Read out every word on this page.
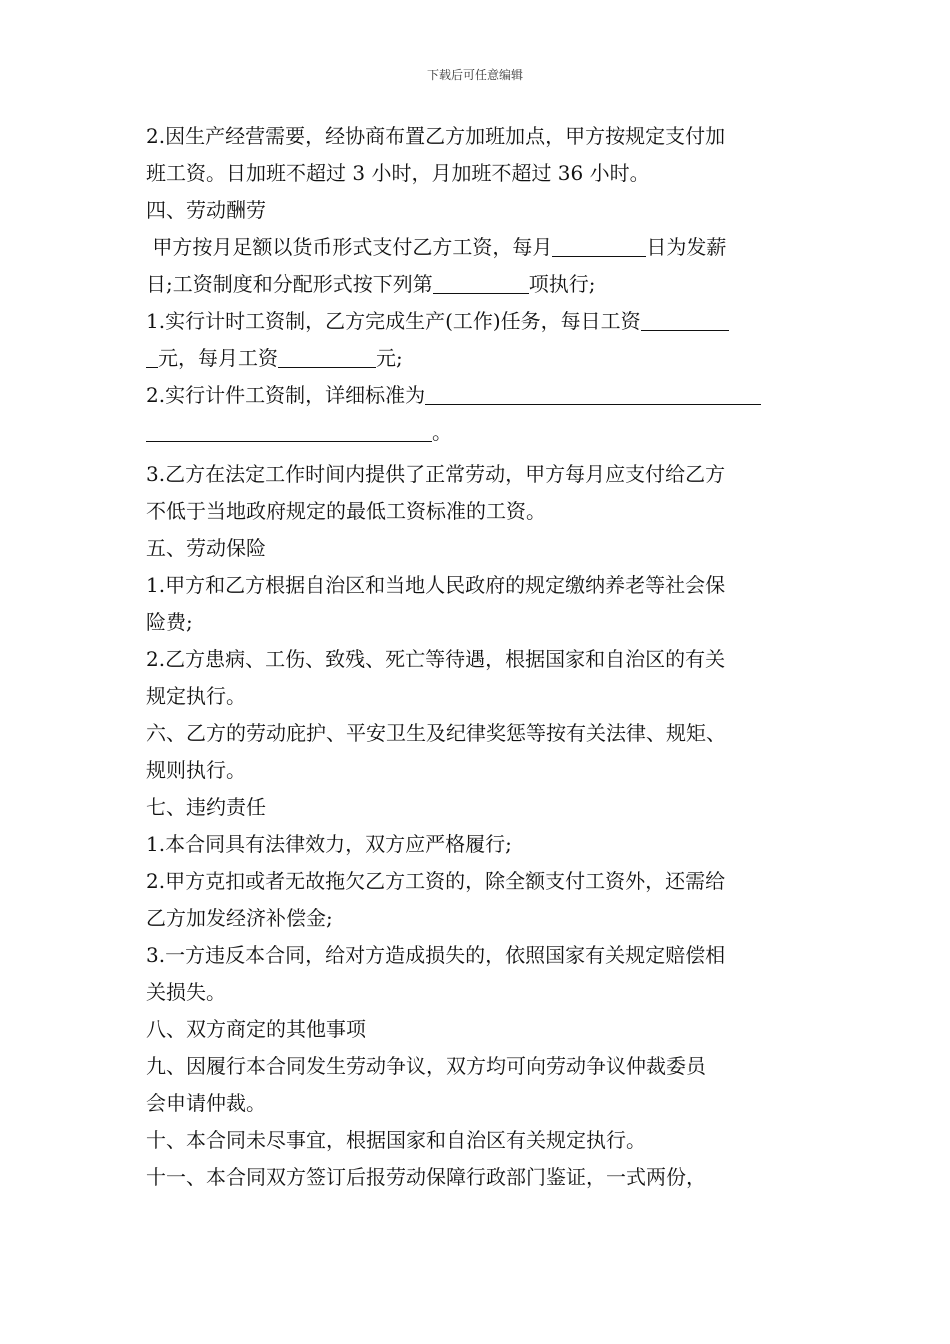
下载后可任意编辑
2.因生产经营需要，经协商布置乙方加班加点，甲方按规定支付加
班工资。日加班不超过 3 小时，月加班不超过 36 小时。
四、劳动酬劳
甲方按月足额以货币形式支付乙方工资，每月	日为发薪
日;工资制度和分配形式按下列第	项执行;
1.实行计时工资制，乙方完成生产(工作)任务，每日工资
元，每月工资	元;
2.实行计件工资制，详细标准为
。
3.乙方在法定工作时间内提供了正常劳动，甲方每月应支付给乙方
不低于当地政府规定的最低工资标准的工资。
五、劳动保险
1.甲方和乙方根据自治区和当地人民政府的规定缴纳养老等社会保
险费;
2.乙方患病、工伤、致残、死亡等待遇，根据国家和自治区的有关
规定执行。
六、乙方的劳动庇护、平安卫生及纪律奖惩等按有关法律、规矩、
规则执行。
七、违约责任
1.本合同具有法律效力，双方应严格履行;
2.甲方克扣或者无故拖欠乙方工资的，除全额支付工资外，还需给
乙方加发经济补偿金;
3.一方违反本合同，给对方造成损失的，依照国家有关规定赔偿相
关损失。
八、双方商定的其他事项
九、因履行本合同发生劳动争议，双方均可向劳动争议仲裁委员
会申请仲裁。
十、本合同未尽事宜，根据国家和自治区有关规定执行。
十一、本合同双方签订后报劳动保障行政部门鉴证，一式两份，
